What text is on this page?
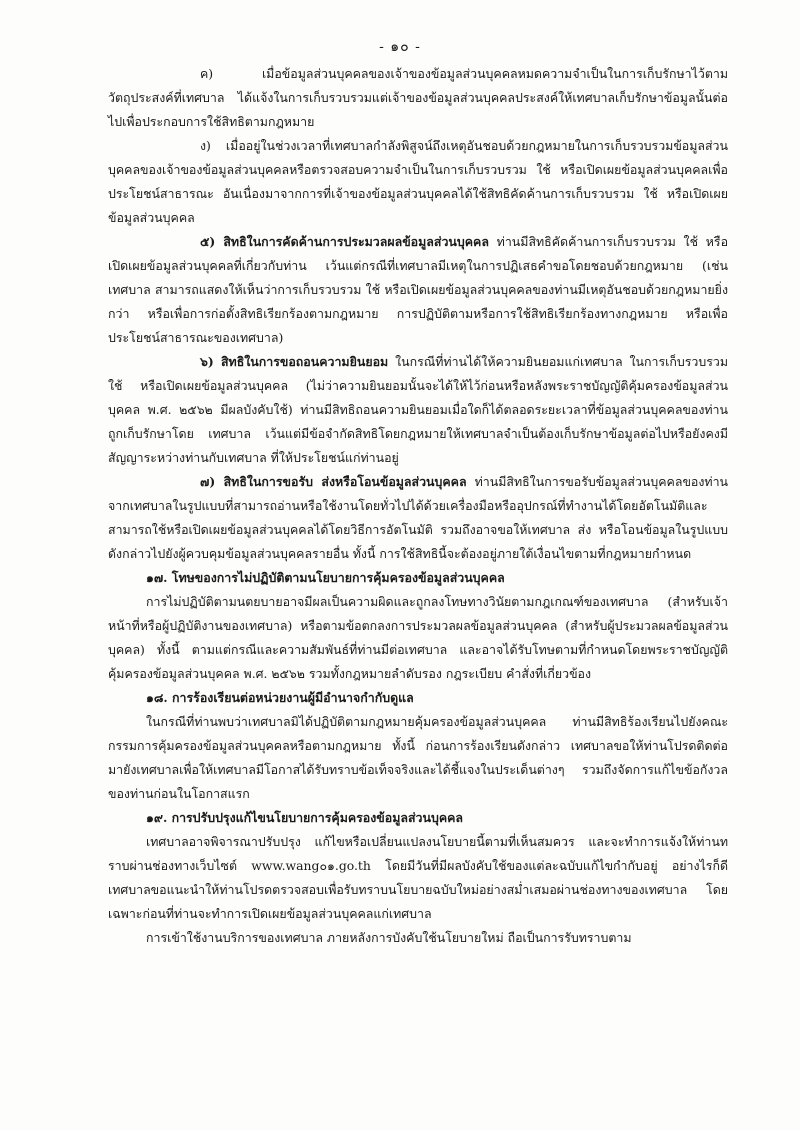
- ๑๐ -

ค) เมื่อข้อมูลส่วนบุคคลของเจ้าของข้อมูลส่วนบุคคลหมดความจำเป็นในการเก็บรักษาไว้ตามวัตถุประสงค์ที่เทศบาล ได้แจ้งในการเก็บรวบรวมแต่เจ้าของข้อมูลส่วนบุคคลประสงค์ให้เทศบาลเก็บรักษาข้อมูลนั้นต่อไปเพื่อประกอบการใช้สิทธิตามกฎหมาย

ง) เมื่ออยู่ในช่วงเวลาที่เทศบาลกำลังพิสูจน์ถึงเหตุอันชอบด้วยกฎหมายในการเก็บรวบรวมข้อมูลส่วนบุคคลของเจ้าของข้อมูลส่วนบุคคลหรือตรวจสอบความจำเป็นในการเก็บรวบรวม ใช้ หรือเปิดเผยข้อมูลส่วนบุคคลเพื่อประโยชน์สาธารณะ อันเนื่องมาจากการที่เจ้าของข้อมูลส่วนบุคคลได้ใช้สิทธิคัดค้านการเก็บรวบรวม ใช้ หรือเปิดเผยข้อมูลส่วนบุคคล

๕) สิทธิในการคัดค้านการประมวลผลข้อมูลส่วนบุคคล ท่านมีสิทธิคัดค้านการเก็บรวบรวม ใช้ หรือเปิดเผยข้อมูลส่วนบุคคลที่เกี่ยวกับท่าน เว้นแต่กรณีที่เทศบาลมีเหตุในการปฏิเสธคำขอโดยชอบด้วยกฎหมาย (เช่น เทศบาล สามารถแสดงให้เห็นว่าการเก็บรวบรวม ใช้ หรือเปิดเผยข้อมูลส่วนบุคคลของท่านมีเหตุอันชอบด้วยกฎหมายยิ่งกว่า หรือเพื่อการก่อตั้งสิทธิเรียกร้องตามกฎหมาย การปฏิบัติตามหรือการใช้สิทธิเรียกร้องทางกฎหมาย หรือเพื่อประโยชน์สาธารณะของเทศบาล)

๖) สิทธิในการขอถอนความยินยอม ในกรณีที่ท่านได้ให้ความยินยอมแก่เทศบาล ในการเก็บรวบรวม ใช้ หรือเปิดเผยข้อมูลส่วนบุคคล (ไม่ว่าความยินยอมนั้นจะได้ให้ไว้ก่อนหรือหลังพระราชบัญญัติคุ้มครองข้อมูลส่วนบุคคล พ.ศ. ๒๕๖๒ มีผลบังคับใช้) ท่านมีสิทธิถอนความยินยอมเมื่อใดก็ได้ตลอดระยะเวลาที่ข้อมูลส่วนบุคคลของท่านถูกเก็บรักษาโดย เทศบาล เว้นแต่มีข้อจำกัดสิทธิโดยกฎหมายให้เทศบาลจำเป็นต้องเก็บรักษาข้อมูลต่อไปหรือยังคงมีสัญญาระหว่างท่านกับเทศบาล ที่ให้ประโยชน์แก่ท่านอยู่

๗) สิทธิในการขอรับ ส่งหรือโอนข้อมูลส่วนบุคคล ท่านมีสิทธิในการขอรับข้อมูลส่วนบุคคลของท่านจากเทศบาลในรูปแบบที่สามารถอ่านหรือใช้งานโดยทั่วไปได้ด้วยเครื่องมือหรืออุปกรณ์ที่ทำงานได้โดยอัตโนมัติและสามารถใช้หรือเปิดเผยข้อมูลส่วนบุคคลได้โดยวิธีการอัตโนมัติ รวมถึงอาจขอให้เทศบาล ส่ง หรือโอนข้อมูลในรูปแบบดังกล่าวไปยังผู้ควบคุมข้อมูลส่วนบุคคลรายอื่น ทั้งนี้ การใช้สิทธินี้จะต้องอยู่ภายใต้เงื่อนไขตามที่กฎหมายกำหนด

๑๗. โทษของการไม่ปฏิบัติตามนโยบายการคุ้มครองข้อมูลส่วนบุคคล

การไม่ปฏิบัติตามนตยบายอาจมีผลเป็นความผิดและถูกลงโทษทางวินัยตามกฎเกณฑ์ของเทศบาล (สำหรับเจ้าหน้าที่หรือผู้ปฏิบัติงานของเทศบาล) หรือตามข้อตกลงการประมวลผลข้อมูลส่วนบุคคล (สำหรับผู้ประมวลผลข้อมูลส่วนบุคคล) ทั้งนี้ ตามแต่กรณีและความสัมพันธ์ที่ท่านมีต่อเทศบาล และอาจได้รับโทษตามที่กำหนดโดยพระราชบัญญัติคุ้มครองข้อมูลส่วนบุคคล พ.ศ. ๒๕๖๒ รวมทั้งกฎหมายลำดับรอง กฎระเบียบ คำสั่งที่เกี่ยวข้อง

๑๘. การร้องเรียนต่อหน่วยงานผู้มีอำนาจกำกับดูแล

ในกรณีที่ท่านพบว่าเทศบาลมิได้ปฏิบัติตามกฎหมายคุ้มครองข้อมูลส่วนบุคคล ท่านมีสิทธิร้องเรียนไปยังคณะกรรมการคุ้มครองข้อมูลส่วนบุคคลหรือตามกฎหมาย ทั้งนี้ ก่อนการร้องเรียนดังกล่าว เทศบาลขอให้ท่านโปรดติดต่อมายังเทศบาลเพื่อให้เทศบาลมีโอกาสได้รับทราบข้อเท็จจริงและได้ชี้แจงในประเด็นต่างๆ รวมถึงจัดการแก้ไขข้อกังวลของท่านก่อนในโอกาสแรก

๑๙. การปรับปรุงแก้ไขนโยบายการคุ้มครองข้อมูลส่วนบุคคล

เทศบาลอาจพิจารณาปรับปรุง แก้ไขหรือเปลี่ยนแปลงนโยบายนี้ตามที่เห็นสมควร และจะทำการแจ้งให้ท่านทราบผ่านช่องทางเว็บไซต์ www.wang๐๑.go.th โดยมีวันที่มีผลบังคับใช้ของแต่ละฉบับแก้ไขกำกับอยู่ อย่างไรก็ดี เทศบาลขอแนะนำให้ท่านโปรดตรวจสอบเพื่อรับทราบนโยบายฉบับใหม่อย่างสม่ำเสมอผ่านช่องทางของเทศบาล โดยเฉพาะก่อนที่ท่านจะทำการเปิดเผยข้อมูลส่วนบุคคลแก่เทศบาล

การเข้าใช้งานบริการของเทศบาล ภายหลังการบังคับใช้นโยบายใหม่ ถือเป็นการรับทราบตาม
